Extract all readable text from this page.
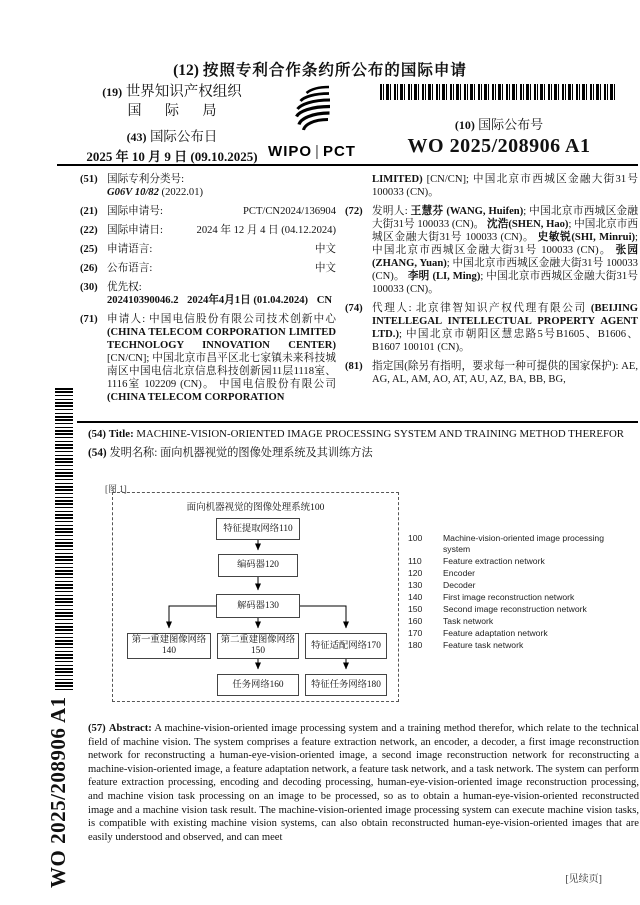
(12) 按照专利合作条约所公布的国际申请
(19) 世界知识产权组织
国 际 局
(43) 国际公布日
2025 年 10 月 9 日 (09.10.2025) WIPO | PCT
(10) 国际公布号
WO 2025/208906 A1
(51) 国际专利分类号:
G06V 10/82 (2022.01)
(21) 国际申请号:	PCT/CN2024/136904
(22) 国际申请日:	2024 年 12 月 4 日 (04.12.2024)
(25) 申请语言:	中文
(26) 公布语言:	中文
(30) 优先权:
202410390046.2 2024年4月1日 (01.04.2024) CN
(71) 申请人: 中国电信股份有限公司技术创新中心 (CHINA TELECOM CORPORATION LIMITED TECHNOLOGY INNOVATION CENTER) [CN/CN]; 中国北京市昌平区北七家镇未来科技城南区中国电信北京信息科技创新园11层1118室、1116室 102209 (CN)。 中国电信股份有限公司(CHINA TELECOM CORPORATION
LIMITED) [CN/CN]; 中国北京市西城区金融大街31号 100033 (CN)。
(72) 发明人: 王慧芬 (WANG, Huifen); 中国北京市西城区金融大街31号 100033 (CN)。 沈浩(SHEN, Hao); 中国北京市西城区金融大街31号 100033 (CN)。 史敏锐(SHI, Minrui); 中国北京市西城区金融大街31号 100033 (CN)。 张园(ZHANG, Yuan); 中国北京市西城区金融大街31号 100033 (CN)。 李明 (LI, Ming); 中国北京市西城区金融大街31号 100033 (CN)。
(74) 代理人: 北京律智知识产权代理有限公司 (BEIJING INTELLEGAL INTELLECTUAL PROPERTY AGENT LTD.); 中国北京市朝阳区慧忠路5号B1605、B1606、B1607 100101 (CN)。
(81) 指定国(除另有指明，要求每一种可提供的国家保护): AE, AG, AL, AM, AO, AT, AU, AZ, BA, BB, BG,
(54) Title: MACHINE-VISION-ORIENTED IMAGE PROCESSING SYSTEM AND TRAINING METHOD THEREFOR
(54) 发明名称: 面向机器视觉的图像处理系统及其训练方法
[图 1]
面向机器视觉的图像处理系统100
特征提取网络110
编码器120
解码器130
第一重建图像网络
140
第二重建图像网络
150
特征适配网络170
任务网络160	特征任务网络180
100	Machine-vision-oriented image processing system
110	Feature extraction network
120	Encoder
130	Decoder
140	First image reconstruction network
150	Second image reconstruction network
160	Task network
170	Feature adaptation network
180	Feature task network
(57) Abstract: A machine-vision-oriented image processing system and a training method therefor, which relate to the technical field of machine vision. The system comprises a feature extraction network, an encoder, a decoder, a first image reconstruction network for reconstructing a human-eye-vision-oriented image, a second image reconstruction network for reconstructing a machine-vision-oriented image, a feature adaptation network, a feature task network, and a task network. The system can perform feature extraction processing, encoding and decoding processing, human-eye-vision-oriented image reconstruction processing, and machine vision task processing on an image to be processed, so as to obtain a human-eye-vision-oriented reconstructed image and a machine vision task result. The machine-vision-oriented image processing system can execute machine vision tasks, is compatible with existing machine vision systems, can also obtain reconstructed human-eye-vision-oriented images that are easily understood and observed, and can meet
WO 2025/208906 A1	[见续页]
